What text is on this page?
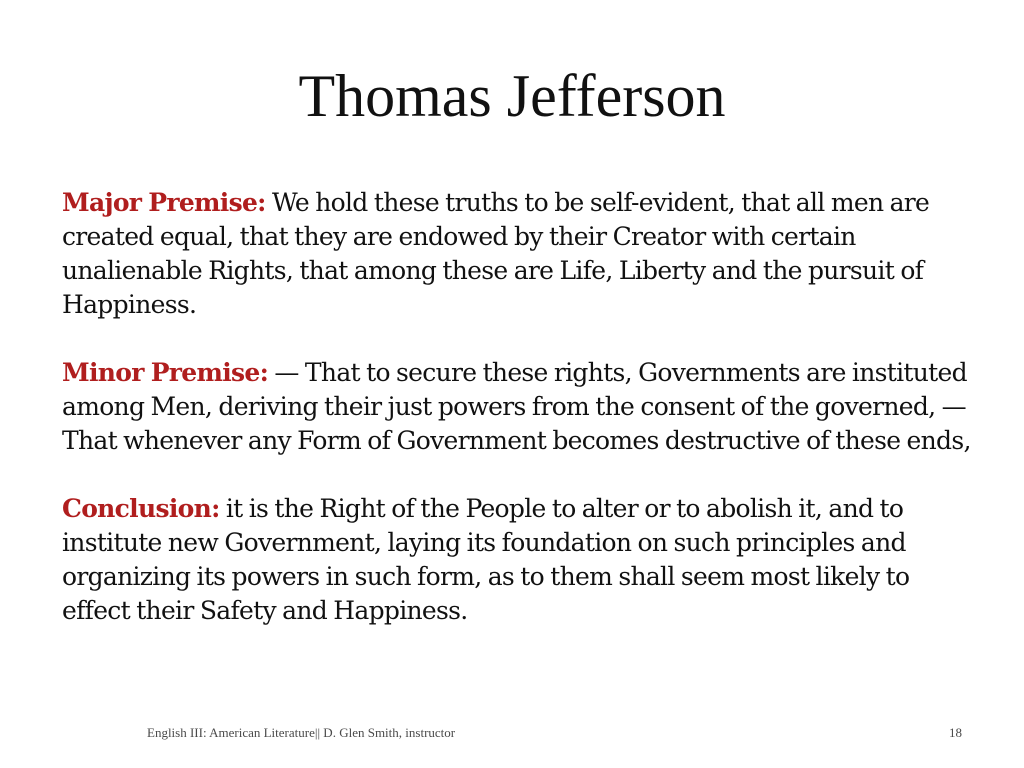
Thomas Jefferson

Major Premise: We hold these truths to be self-evident, that all men are created equal, that they are endowed by their Creator with certain unalienable Rights, that among these are Life, Liberty and the pursuit of Happiness.

Minor Premise: — That to secure these rights, Governments are instituted among Men, deriving their just powers from the consent of the governed, —That whenever any Form of Government becomes destructive of these ends,

Conclusion: it is the Right of the People to alter or to abolish it, and to institute new Government, laying its foundation on such principles and organizing its powers in such form, as to them shall seem most likely to effect their Safety and Happiness.

English III: American Literature|| D. Glen Smith, instructor	18
